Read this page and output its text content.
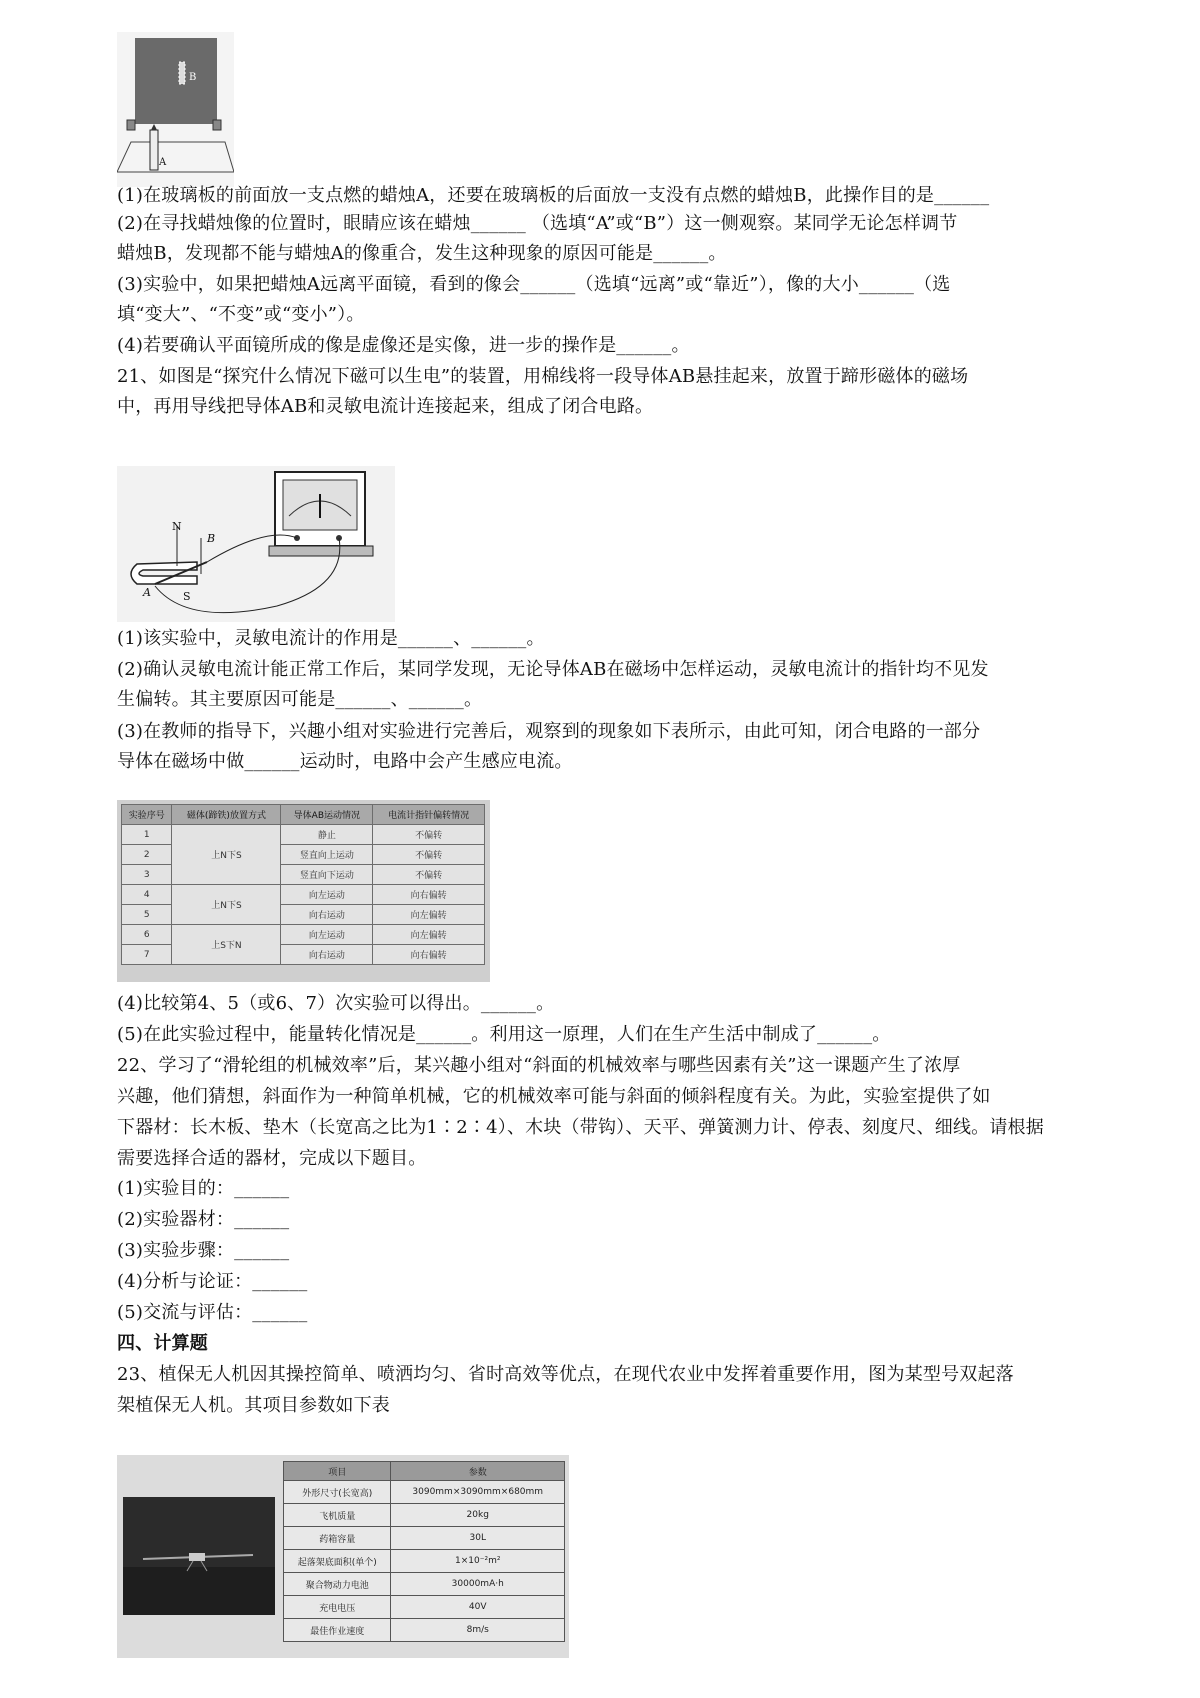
A
B
(1)在玻璃板的前面放一支点燃的蜡烛A，还要在玻璃板的后面放一支没有点燃的蜡烛B，此操作目的是______
(2)在寻找蜡烛像的位置时，眼睛应该在蜡烛______ （选填“A”或“B”）这一侧观察。某同学无论怎样调节
蜡烛B，发现都不能与蜡烛A的像重合，发生这种现象的原因可能是______。
(3)实验中，如果把蜡烛A远离平面镜，看到的像会______（选填“远离”或“靠近”），像的大小______（选
填“变大”、“不变”或“变小”）。
(4)若要确认平面镜所成的像是虚像还是实像，进一步的操作是______。
21、如图是“探究什么情况下磁可以生电”的装置，用棉线将一段导体AB悬挂起来，放置于蹄形磁体的磁场
中，再用导线把导体AB和灵敏电流计连接起来，组成了闭合电路。
N
S
A
B
(1)该实验中，灵敏电流计的作用是______、______。
(2)确认灵敏电流计能正常工作后，某同学发现，无论导体AB在磁场中怎样运动，灵敏电流计的指针均不见发
生偏转。其主要原因可能是______、______。
(3)在教师的指导下，兴趣小组对实验进行完善后，观察到的现象如下表所示，由此可知，闭合电路的一部分
导体在磁场中做______运动时，电路中会产生感应电流。
实验序号	磁体(蹄铁)放置方式	导体AB运动情况	电流计指针偏转情况
1	上N下S	静止	不偏转
2		竖直向上运动	不偏转
3		竖直向下运动	不偏转
4	上N下S	向左运动	向右偏转
5		向右运动	向左偏转
6	上S下N	向左运动	向左偏转
7		向右运动	向右偏转
(4)比较第4、5（或6、7）次实验可以得出。______。
(5)在此实验过程中，能量转化情况是______。利用这一原理，人们在生产生活中制成了______。
22、学习了“滑轮组的机械效率”后，某兴趣小组对“斜面的机械效率与哪些因素有关”这一课题产生了浓厚
兴趣，他们猜想，斜面作为一种简单机械，它的机械效率可能与斜面的倾斜程度有关。为此，实验室提供了如
下器材：长木板、垫木（长宽高之比为1∶2∶4）、木块（带钩）、天平、弹簧测力计、停表、刻度尺、细线。请根据
需要选择合适的器材，完成以下题目。
(1)实验目的：______
(2)实验器材：______
(3)实验步骤：______
(4)分析与论证：______
(5)交流与评估：______
四、计算题
23、植保无人机因其操控简单、喷洒均匀、省时高效等优点，在现代农业中发挥着重要作用，图为某型号双起落
架植保无人机。其项目参数如下表
项目	参数
外形尺寸(长宽高)	3090mm×3090mm×680mm
飞机质量	20kg
药箱容量	30L
起落架底面积(单个)	1×10⁻²m²
聚合物动力电池	30000mA·h
充电电压	40V
最佳作业速度	8m/s
